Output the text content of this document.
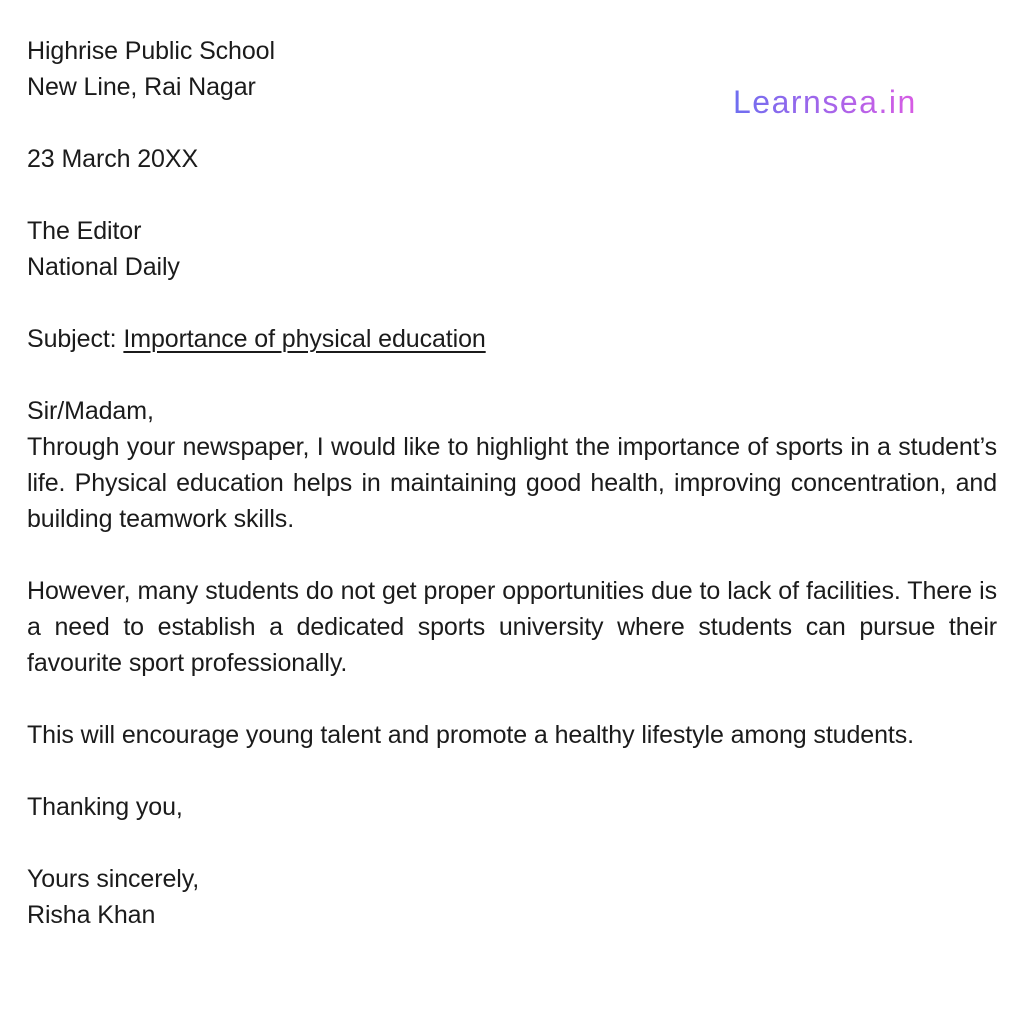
Learnsea.in
Highrise Public School
New Line, Rai Nagar
23 March 20XX
The Editor
National Daily
Subject: Importance of physical education
Sir/Madam,
Through your newspaper, I would like to highlight the importance of sports in a student’s life. Physical education helps in maintaining good health, improving concentration, and building teamwork skills.
However, many students do not get proper opportunities due to lack of facilities. There is a need to establish a dedicated sports university where students can pursue their favourite sport professionally.
This will encourage young talent and promote a healthy lifestyle among students.
Thanking you,
Yours sincerely,
Risha Khan
